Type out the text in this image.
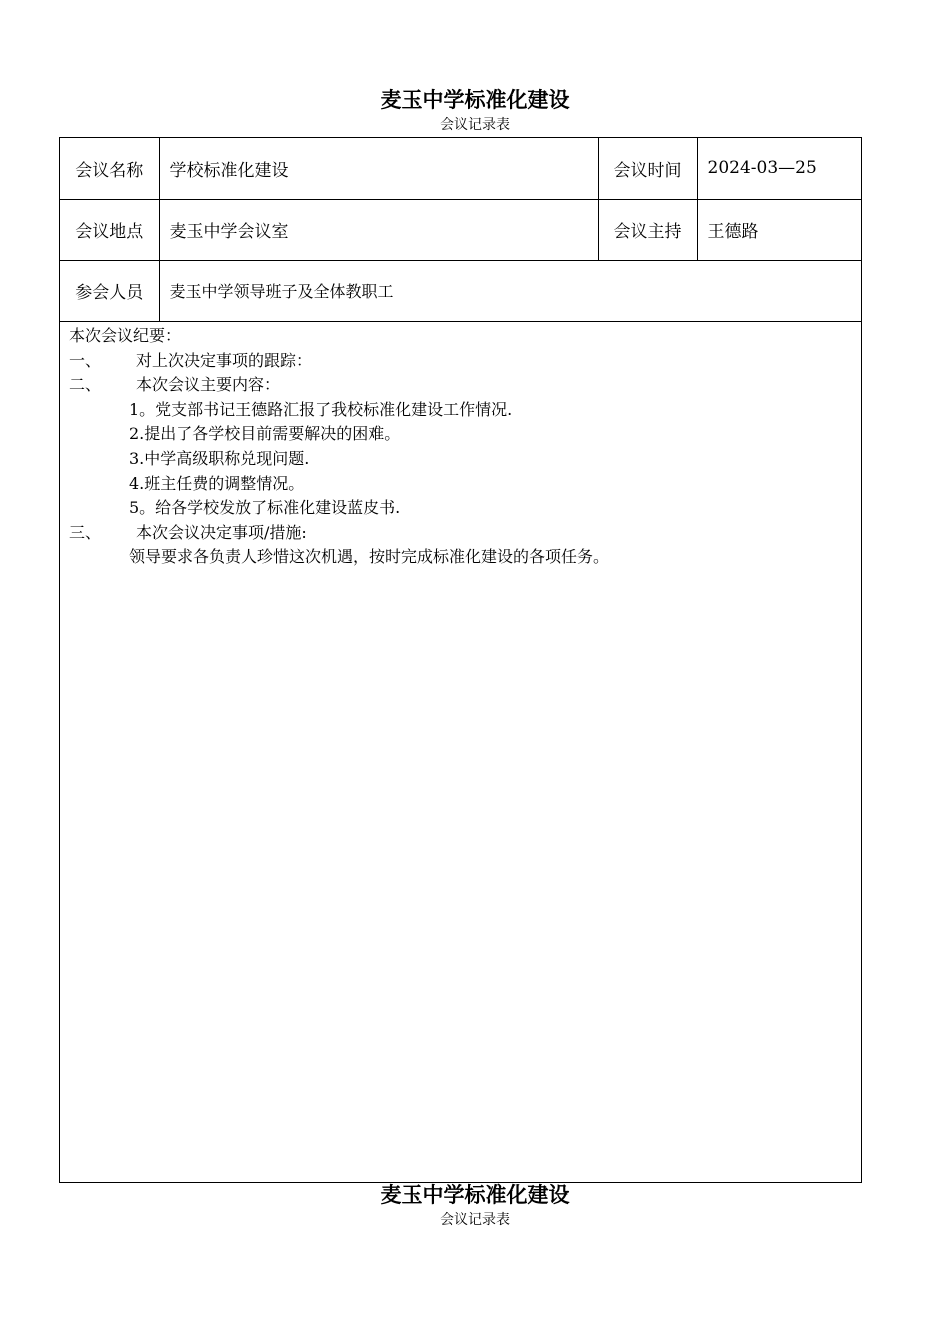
麦玉中学标准化建设
会议记录表
会议名称	学校标准化建设	会议时间	2024-03—25
会议地点	麦玉中学会议室	会议主持	王德路
参会人员	麦玉中学领导班子及全体教职工		
本次会议纪要：
一、 对上次决定事项的跟踪：
二、 本次会议主要内容：
1。党支部书记王德路汇报了我校标准化建设工作情况.
2.提出了各学校目前需要解决的困难。
3.中学高级职称兑现问题.
4.班主任费的调整情况。
5。给各学校发放了标准化建设蓝皮书.
三、 本次会议决定事项/措施:
领导要求各负责人珍惜这次机遇，按时完成标准化建设的各项任务。
麦玉中学标准化建设
会议记录表
